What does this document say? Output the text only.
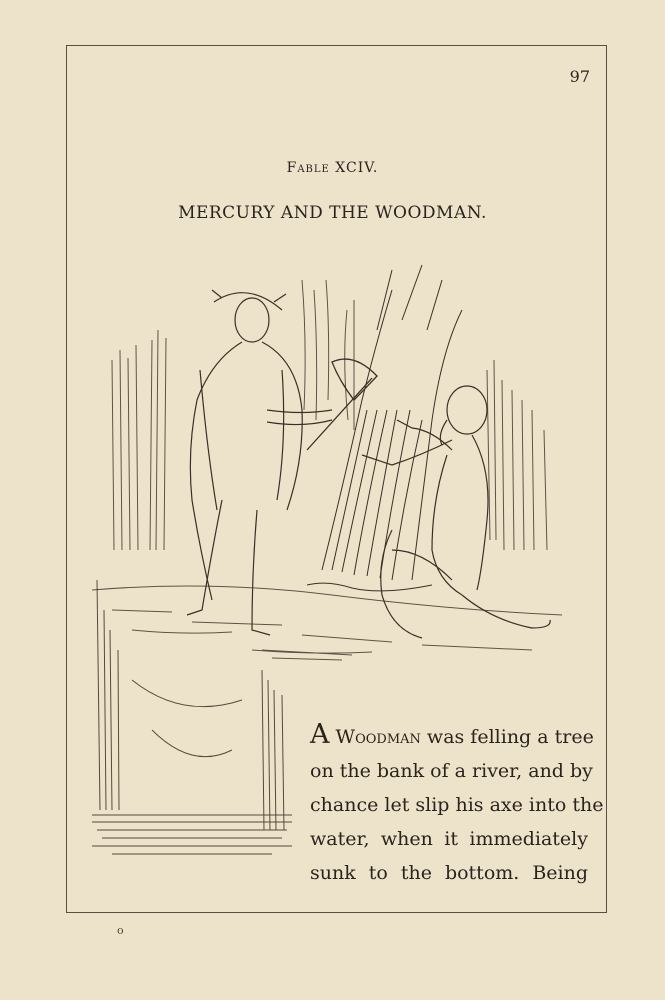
97
Fable XCIV.
MERCURY AND THE WOODMAN.
A Woodman was felling a tree
on the bank of a river, and by
chance let slip his axe into the
water, when it immediately
sunk to the bottom. Being
o
